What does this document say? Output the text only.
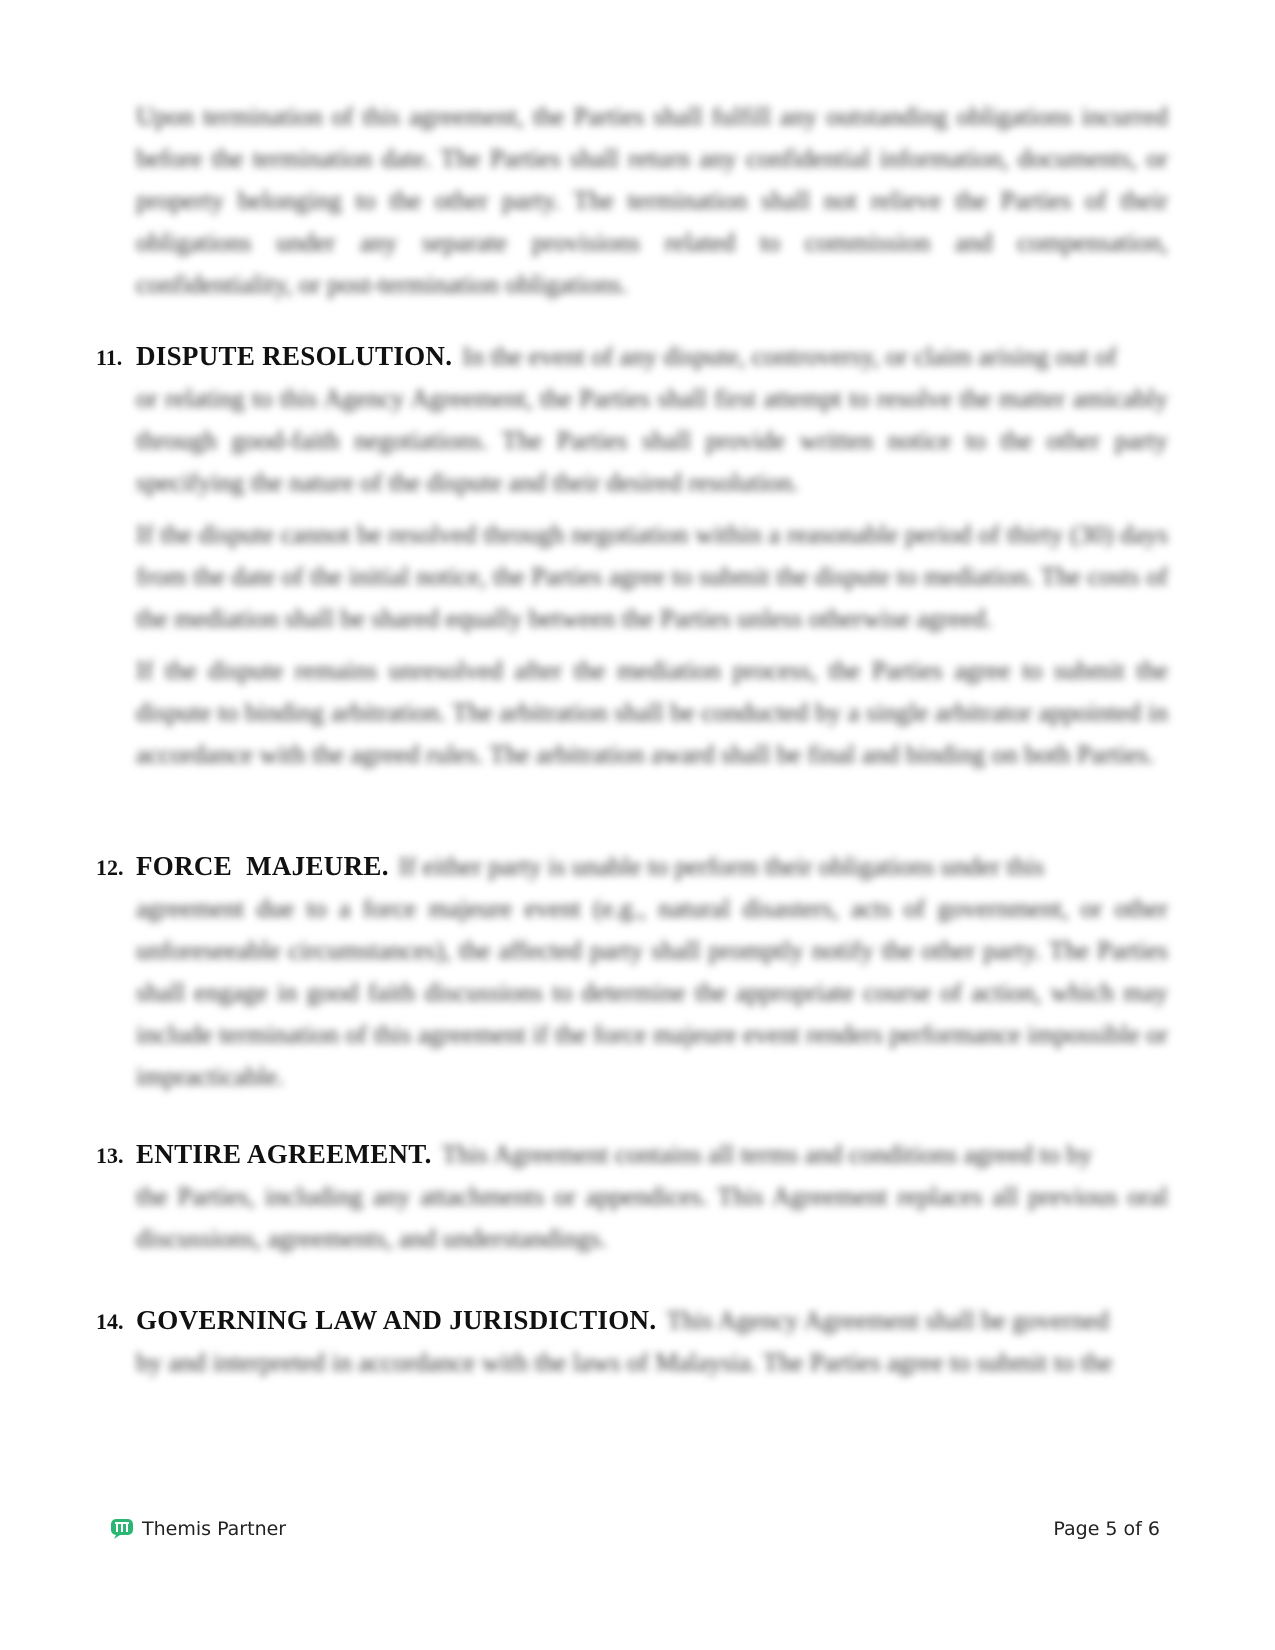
Upon termination of this agreement, the Parties shall fulfill any outstanding obligations incurred before the termination date. The Parties shall return any confidential information, documents, or property belonging to the other party. The termination shall not relieve the Parties of their obligations under any separate provisions related to commission and compensation, confidentiality, or post-termination obligations.
11. DISPUTE RESOLUTION. In the event of any dispute, controversy, or claim arising out of

or relating to this Agency Agreement, the Parties shall first attempt to resolve the matter amicably through good-faith negotiations. The Parties shall provide written notice to the other party specifying the nature of the dispute and their desired resolution.

If the dispute cannot be resolved through negotiation within a reasonable period of thirty (30) days from the date of the initial notice, the Parties agree to submit the dispute to mediation. The costs of the mediation shall be shared equally between the Parties unless otherwise agreed.

If the dispute remains unresolved after the mediation process, the Parties agree to submit the dispute to binding arbitration. The arbitration shall be conducted by a single arbitrator appointed in accordance with the agreed rules. The arbitration award shall be final and binding on both Parties.

12. FORCE  MAJEURE. If either party is unable to perform their obligations under this

agreement due to a force majeure event (e.g., natural disasters, acts of government, or other unforeseeable circumstances), the affected party shall promptly notify the other party. The Parties shall engage in good faith discussions to determine the appropriate course of action, which may include termination of this agreement if the force majeure event renders performance impossible or impracticable.

13. ENTIRE AGREEMENT. This Agreement contains all terms and conditions agreed to by

the Parties, including any attachments or appendices. This Agreement replaces all previous oral discussions, agreements, and understandings.

14. GOVERNING LAW AND JURISDICTION. This Agency Agreement shall be governed

by and interpreted in accordance with the laws of Malaysia. The Parties agree to submit to the

Themis Partner	Page 5 of 6
